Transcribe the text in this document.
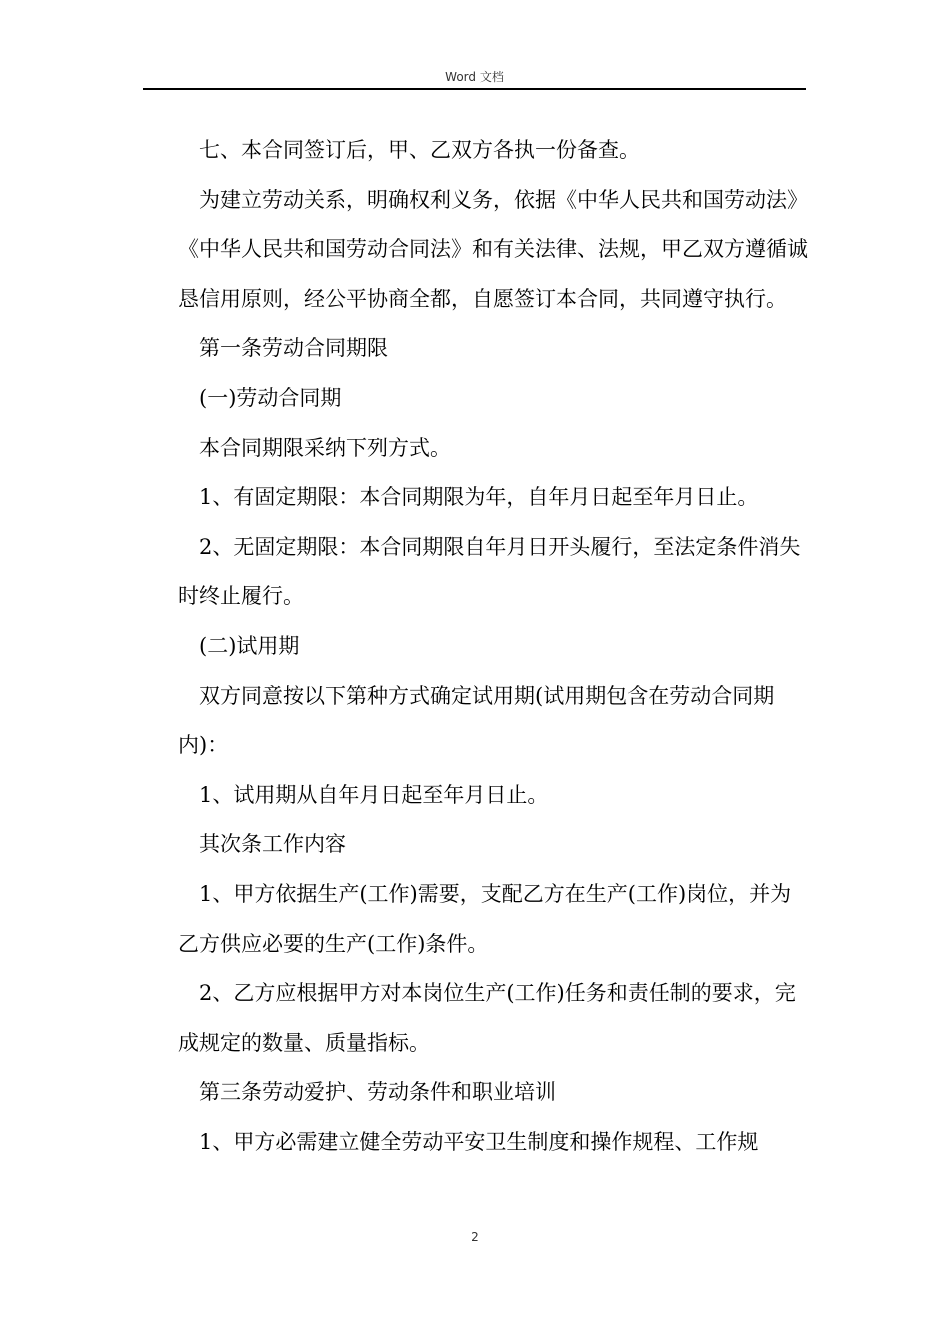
Word 文档

七、本合同签订后，甲、乙双方各执一份备查。

为建立劳动关系，明确权利义务，依据《中华人民共和国劳动法》《中华人民共和国劳动合同法》和有关法律、法规，甲乙双方遵循诚恳信用原则，经公平协商全都，自愿签订本合同，共同遵守执行。

第一条劳动合同期限

(一)劳动合同期

本合同期限采纳下列方式。

1、有固定期限：本合同期限为年，自年月日起至年月日止。

2、无固定期限：本合同期限自年月日开头履行，至法定条件消失时终止履行。

(二)试用期

双方同意按以下第种方式确定试用期(试用期包含在劳动合同期内)：

1、试用期从自年月日起至年月日止。

其次条工作内容

1、甲方依据生产(工作)需要，支配乙方在生产(工作)岗位，并为乙方供应必要的生产(工作)条件。

2、乙方应根据甲方对本岗位生产(工作)任务和责任制的要求，完成规定的数量、质量指标。

第三条劳动爱护、劳动条件和职业培训

1、甲方必需建立健全劳动平安卫生制度和操作规程、工作规

2
